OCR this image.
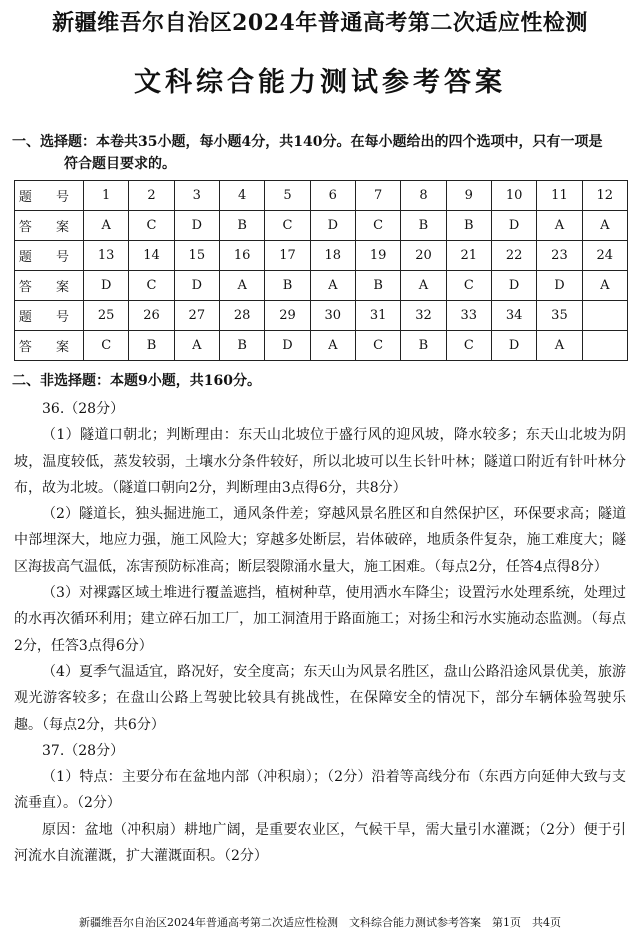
新疆维吾尔自治区2024年普通高考第二次适应性检测
文科综合能力测试参考答案
一、选择题：本卷共35小题，每小题4分，共140分。在每小题给出的四个选项中，只有一项是
符合题目要求的。
题 号	1	2	3	4	5	6	7	8	9	10	11	12
答 案	A	C	D	B	C	D	C	B	B	D	A	A
题 号	13	14	15	16	17	18	19	20	21	22	23	24
答 案	D	C	D	A	B	A	B	A	C	D	D	A
题 号	25	26	27	28	29	30	31	32	33	34	35	
答 案	C	B	A	B	D	A	C	B	C	D	A	
二、非选择题：本题9小题，共160分。

36.（28分）

（1）隧道口朝北；判断理由：东天山北坡位于盛行风的迎风坡，降水较多；东天山北坡为阴坡，温度较低，蒸发较弱，土壤水分条件较好，所以北坡可以生长针叶林；隧道口附近有针叶林分布，故为北坡。（隧道口朝向2分，判断理由3点得6分，共8分）

（2）隧道长，独头掘进施工，通风条件差；穿越风景名胜区和自然保护区，环保要求高；隧道中部埋深大，地应力强，施工风险大；穿越多处断层，岩体破碎，地质条件复杂，施工难度大；隧区海拔高气温低，冻害预防标准高；断层裂隙涌水量大，施工困难。（每点2分，任答4点得8分）

（3）对裸露区域土堆进行覆盖遮挡，植树种草，使用洒水车降尘；设置污水处理系统，处理过的水再次循环利用；建立碎石加工厂，加工洞渣用于路面施工；对扬尘和污水实施动态监测。（每点2分，任答3点得6分）

（4）夏季气温适宜，路况好，安全度高；东天山为风景名胜区，盘山公路沿途风景优美，旅游观光游客较多；在盘山公路上驾驶比较具有挑战性，在保障安全的情况下，部分车辆体验驾驶乐趣。（每点2分，共6分）

37.（28分）

（1）特点：主要分布在盆地内部（冲积扇）；（2分）沿着等高线分布（东西方向延伸大致与支流垂直）。（2分）

原因：盆地（冲积扇）耕地广阔，是重要农业区，气候干旱，需大量引水灌溉；（2分）便于引河流水自流灌溉，扩大灌溉面积。（2分）

新疆维吾尔自治区2024年普通高考第二次适应性检测　文科综合能力测试参考答案　第1页　共4页
